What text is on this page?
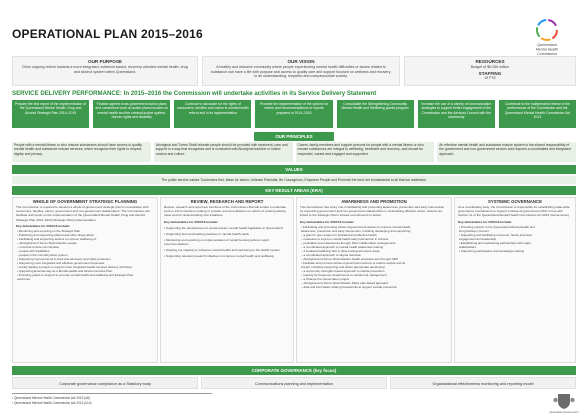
OPERATIONAL PLAN 2015–2016
Queensland
Mental Health
Commission
OUR PURPOSE
Drive ongoing reform towards a more integrated, evidence-based, recovery-oriented mental health, drug and alcohol system within Queensland.
OUR VISION
A healthy and inclusive community where people experiencing mental health difficulties or issues related to substance use have a life with purpose and access to quality care and support focused on wellness and recovery, in an understanding, empathic and compassionate society.
RESOURCES
Budget of $6.265 million
STAFFING
19 FTE
SERVICE DELIVERY PERFORMANCE: In 2015–2016 the Commission will undertake activities in its Service Delivery Statement
Prepare the first report of the implementation of the Queensland Mental Health, Drug and Alcohol Strategic Plan 2014–2019
Finalise agreed cross government action plans and commence work on action plans focused on mental health and the criminal justice system, human rights and disability
Continue to advocate for the rights of consumers, families and carers in mental health reform and in its implementation
Promote the implementation of the options for reform and recommendations of reports prepared in 2014–2015
Consolidate the Strengthening Community Mental Health and Wellbeing grants program
Increase the use of a variety of communication strategies to support better engagement of the Commission and the Advisory Council with the community
Contribute to the independent review of the performance of the Commission and the Queensland Mental Health Commission Act 2013
OUR PRINCIPLES
People with a mental illness or who misuse substances should have access to quality mental health and substance misuse services, which recognise their rights to respect, dignity and privacy.
Aboriginal and Torres Strait Islander people should be provided with treatment, care and support in a way that recognises and is consistent with Aboriginal tradition or Island custom and culture.
Carers, family members and support persons for people with a mental illness or who misuse substances are integral to wellbeing, treatment and recovery; and should be respected, valued and engaged and supported.
An effective mental health and substance misuse system is the shared responsibility of the government and non-government sectors and requires a coordinated and integrated approach.
VALUES
The public service values 'Customers first, Ideas for action, Unleash Potential, Be Courageous, Empower People and Promote the best' are fundamental to all that we undertake.
KEY RESULT AREAS (KRA)
WHOLE OF GOVERNMENT STRATEGIC PLANNING
The Commission is required to develop a whole-of-government strategic plan in consultation with consumers, families, carers, government and non-government stakeholders. The Commission will facilitate and report on the implementation of the Queensland Mental Health, Drug and Alcohol Strategic Plan 2014–2019 (Strategic Plan) implementation.
Key deliverables for 2015/16 include:
• Monitoring and reporting on the Strategic Plan
• Publishing and supporting shared and other drugs action
• Facilitating and supporting actions to improve wellbeing of:
– Aboriginal and Torres Strait Islander people
– rural and remote communities
– people with disabilities
– people in the criminal justice system
• Supporting improvements in lived and advocacy and rights protection
• Supporting more integrated and effective government responses
• Jointly leading a project to support more integrated health services delivery with Dept.
• Supporting Exercise day as a Mental Health and Alcohol services Plan
• Providing grants to support to promote mental health and wellbeing and Strategic Plan
outcomes
REVIEW, RESEARCH AND REPORT
Review, research and report are functions of the Commission that will enable it undertake work to inform decision making or provide recommendations on reform of existing activity, value and /or understanding new initiatives.
Key deliverables for 2015/16 include:
• Supporting the development of contemporary mental health legislation in Queensland
• Supporting best and leading practices in mental health cards
• Monitoring and reporting on implementation of social housing actions report recommendations
• Scoping our capacity to influence mental health and well-being in the health system
• Supporting relevant research initiatives to improve mental health and wellbeing
AWARENESS AND PROMOTION
The Commission has a key role in facilitating and promoting awareness, prevention and early intervention by supporting government and non-government stakeholders in undertaking effective action. Actions are linked to the Strategic Plan's shared commitments to action.
Key deliverables for 2015/16 include:
• Facilitating and promoting whole-of-government actions to improve mental health
awareness, prevention and early intervention, including developing and supporting:
– a plan for peer support in activated and effective health
– measures to improve mental health early intervention in schools
– population-level awareness through NGO collaborative arrangements
– a coordinated approach to mental health awareness training
– a localised wellbeing hub in three local government areas
– a coordinated approach to stigma reduction
– Aboriginal and Torres Strait Islander health empowerment through NEP
• Facilitate and promote whole-of-government actions to reduce suicide and its
impact, including supporting and where appropriate developing:
– a community strengths based approach to suicide prevention
– training for frequency departments to suicide risk management
– a Change the conversation project
– Aboriginal and Torres Strait Islander Place plan-based approach
– data and information sharing frameworks to support suicide prevention
SYSTEMIC GOVERNANCE
As a coordinating body, the Commission is responsible for establishing state-wide governance mechanisms to support a whole-of-government effort in line with Section 11 of the Queensland Mental Health Commission Act 2013 (Governance)
Key deliverables for 2015/16 include:
• Providing support to the Queensland Mental Health and
Drug Advisory Council
• Supporting and facilitating consumer, family and carer
engagement and leadership
• Establishing and maintaining partnerships with major
stakeholders
• Supporting participation and knowledge sharing
CORPORATE GOVERNANCE (key focus)
Corporate governance compliance as a Statutory body	Communications planning and implementation	Organisational effectiveness monitoring and reporting model
¹ Queensland Mental Health Commission Act 2013 (s8)
² Queensland Mental Health Commission Act 2013 (s14)
Queensland Government
